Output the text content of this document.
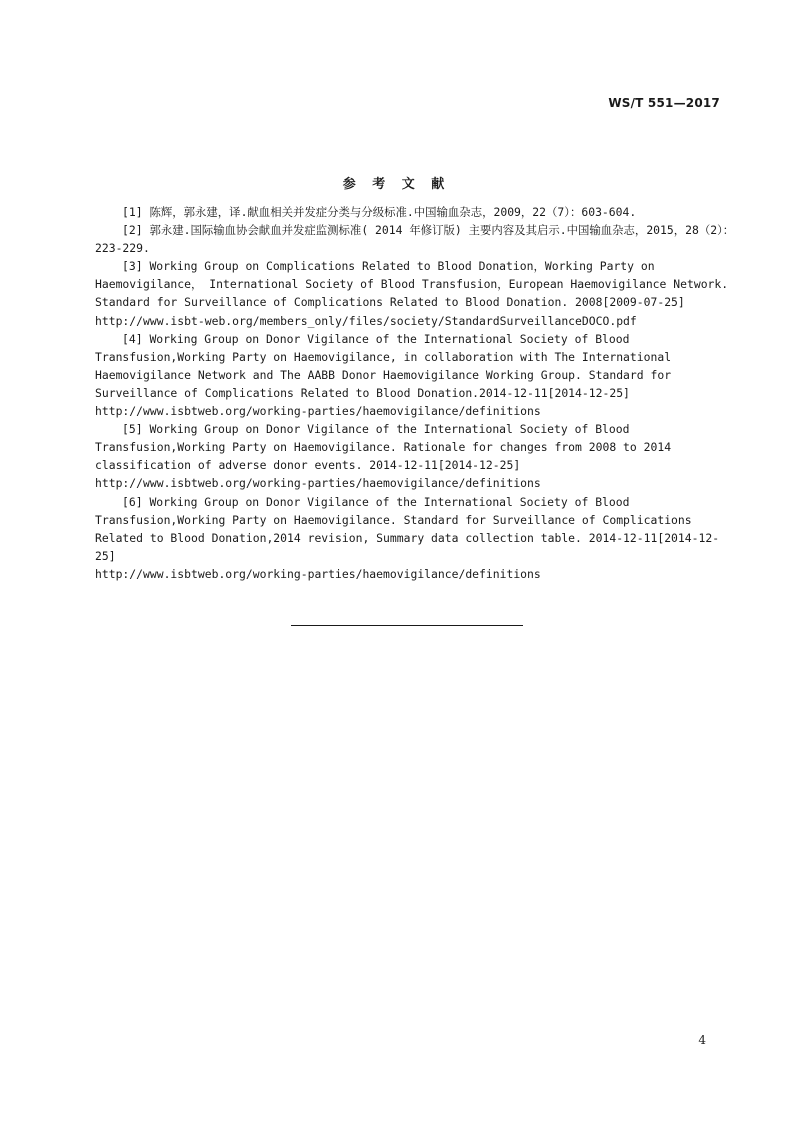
WS/T 551—2017
参 考 文 献
[1] 陈辉，郭永建，译.献血相关并发症分类与分级标准.中国输血杂志，2009，22（7）：603-604.
[2] 郭永建.国际输血协会献血并发症监测标准( 2014 年修订版) 主要内容及其启示.中国输血杂志，2015，28（2）：223-229.
[3] Working Group on Complications Related to Blood Donation，Working Party on Haemovigilance， International Society of Blood Transfusion，European Haemovigilance Network. Standard for Surveillance of Complications Related to Blood Donation. 2008[2009-07-25]
http://www.isbt-web.org/members_only/files/society/StandardSurveillanceDOCO.pdf
[4] Working Group on Donor Vigilance of the International Society of Blood Transfusion,Working Party on Haemovigilance, in collaboration with The International Haemovigilance Network and The AABB Donor Haemovigilance Working Group. Standard for Surveillance of Complications Related to Blood Donation.2014-12-11[2014-12-25]
http://www.isbtweb.org/working-parties/haemovigilance/definitions
[5] Working Group on Donor Vigilance of the International Society of Blood Transfusion,Working Party on Haemovigilance. Rationale for changes from 2008 to 2014 classification of adverse donor events. 2014-12-11[2014-12-25]
http://www.isbtweb.org/working-parties/haemovigilance/definitions
[6] Working Group on Donor Vigilance of the International Society of Blood Transfusion,Working Party on Haemovigilance. Standard for Surveillance of Complications Related to Blood Donation,2014 revision, Summary data collection table. 2014-12-11[2014-12-25]
http://www.isbtweb.org/working-parties/haemovigilance/definitions
4
